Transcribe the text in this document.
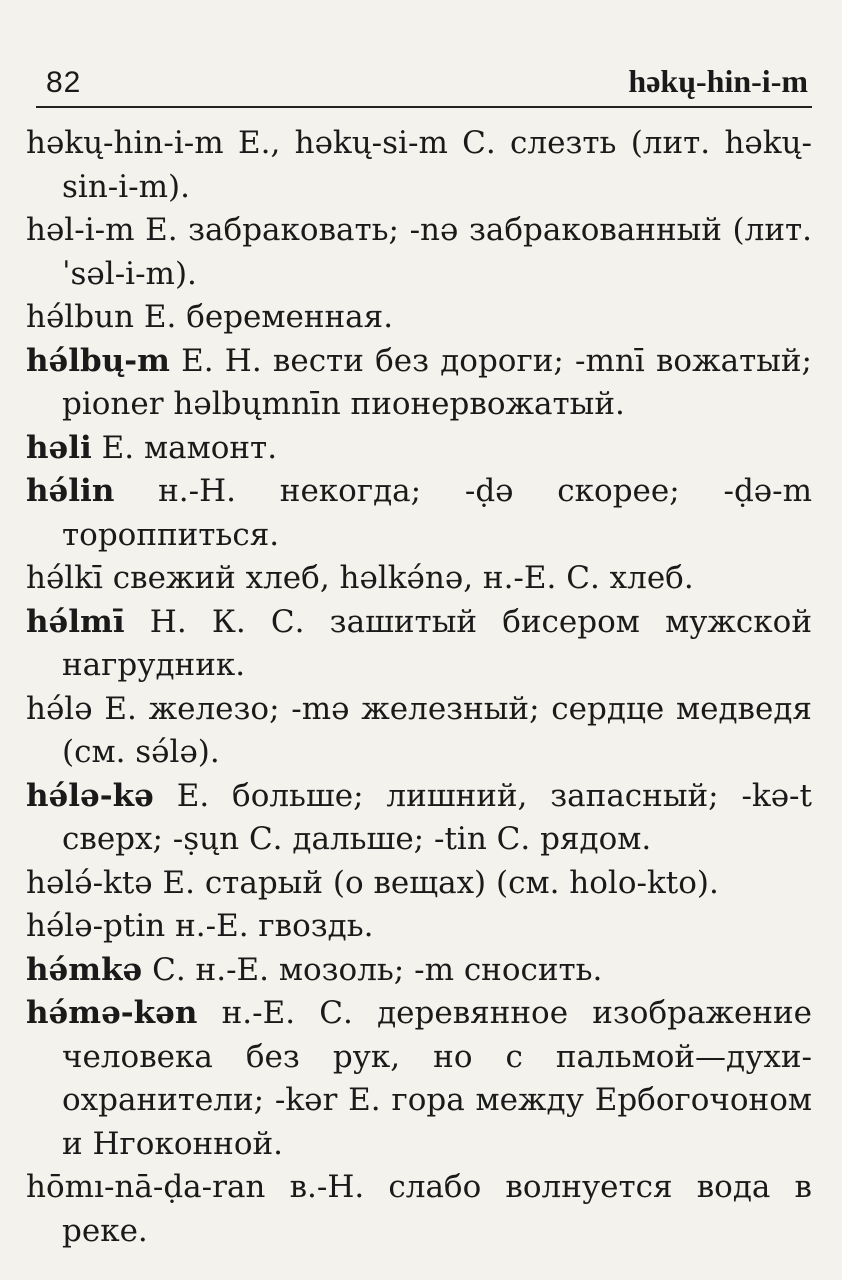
82	həkų-hin-i-m

həkų-hin-i-m Е., həkų-si-m С. слезть (лит. həkų-sin-i-m).

həl-i-m Е. забраковать; -nə забракованный (лит. ˈsəl-i-m).

hə́lbun Е. беременная.

hə́lbų-m Е. Н. вести без дороги; -mnī вожатый; pioner həlbųmnīn пионервожатый.

həli Е. мамонт.

hə́lin н.-Н. некогда; -ḍə скорее; -ḍə-m тороппиться.

hə́lkī свежий хлеб, həlkə́nə, н.-Е. С. хлеб.

hə́lmī Н. К. С. зашитый бисером мужской нагрудник.

hə́lə Е. железо; -mə железный; сердце медведя (см. sə́lə).

hə́lə-kə Е. больше; лишний, запасный; -kə-t сверх; -ṣųn С. дальше; -tin С. рядом.

hələ́-ktə Е. старый (о вещах) (см. holo-kto).

hə́lə-ptin н.-Е. гвоздь.

hə́mkə С. н.-Е. мозоль; -m сносить.

hə́mə-kən н.-Е. С. деревянное изображение человека без рук, но с пальмой—духи-охранители; -kər Е. гора между Ербогочоном и Нгоконной.

hōmı-nā-ḍa-ran в.-Н. слабо волнуется вода в реке.
